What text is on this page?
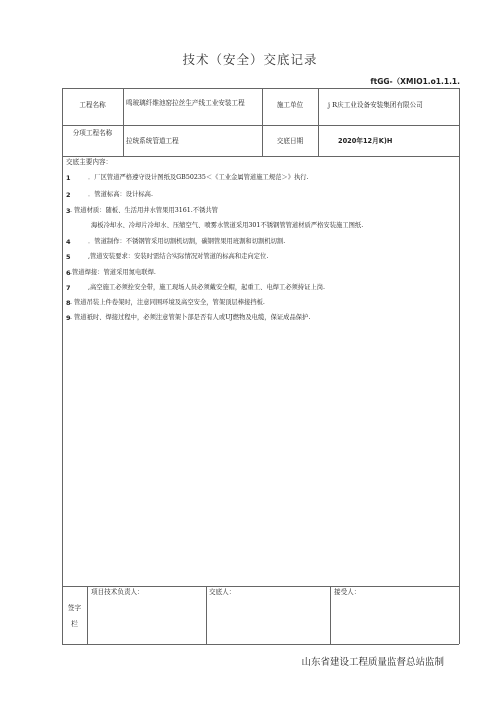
技术（安全）交底记录
ftGG-（XMIO1.o1.1.1.
工程名称	鸣玻璃纤维池窑拉丝生产线工业安装工程	施工单位	j R庆工业设备安装集团有限公司
分项工程名称
拉统系统管道工程	交底日期	2020年12月K)H
交底主要内容：
1	．厂区管道严格遵守设计图纸及GB50235＜《工业金属管道施工规范＞》执行.
2	．管道标高：设计标高.
3 . 管道材质：随板、生活用井水管果用3161.不锈共管
海板冷却水、冷却片冷却水、压缩空气、喷雾水管道采用301不锈钢管管道材质严格安装施工图纸.
4	．管道制作：不锈钢管采用切割机切割，碳钢管果用班割和切割机切割.
5	,管道安装要求：安装时需结合实际情况对管道的标高和走向定位.
6 .管道焊接：管道采用氮电联焊.
7	,高空施工必须拴安全带，施工现场人员必须戴安全帽，起重工、电焊工必须持证上岗.
8 . 管道吊装上件卷架时，注意同围环境及高空安全，管架顶层棒接挡板.
9 . 管道祇时、焊接过程中，必须注意管架卜部是否有人或UJ燃物及电缆，保证成品保护.
签字
栏
项目技术负责人：	交底人：	接受人：
山东省建设工程质量监督总站监制
